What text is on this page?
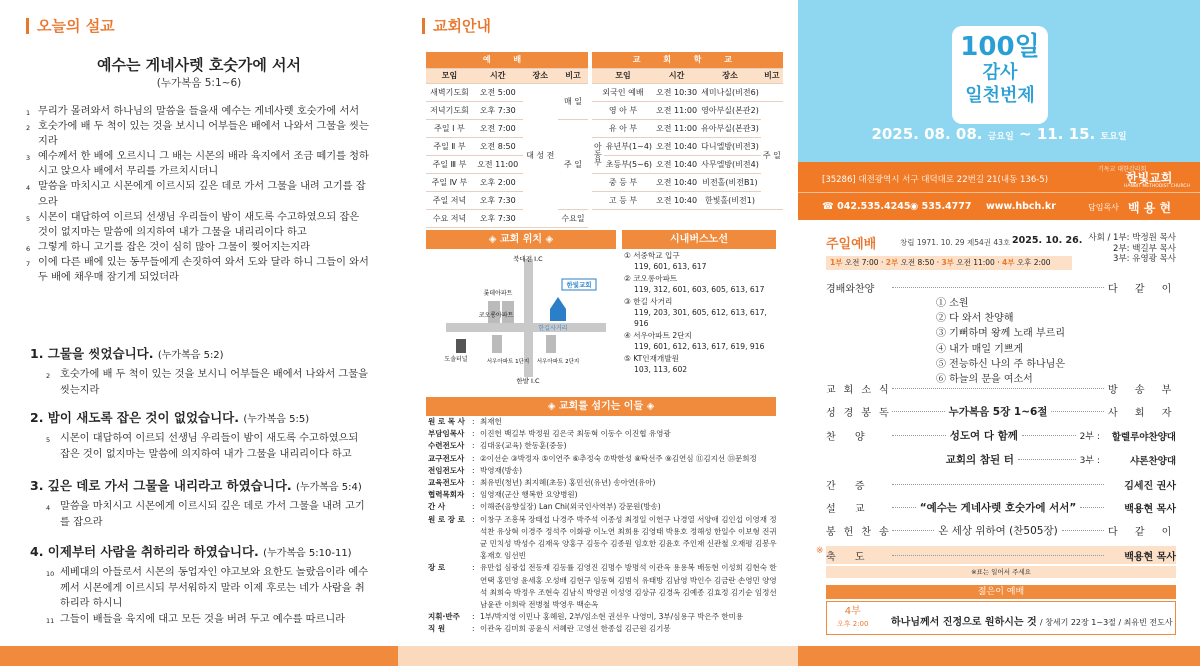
오늘의 설교
예수는 게네사렛 호숫가에 서서
(누가복음 5:1~6)
1 무리가 몰려와서 하나님의 말씀을 들을새 예수는 게네사렛 호숫가에 서서
2 호숫가에 배 두 척이 있는 것을 보시니 어부들은 배에서 나와서 그물을 씻는지라
3 예수께서 한 배에 오르시니 그 배는 시몬의 배라 육지에서 조금 떼기를 청하시고 앉으사 배에서 무리를 가르치시더니
4 말씀을 마치시고 시몬에게 이르시되 깊은 데로 가서 그물을 내려 고기를 잡으라
5 시몬이 대답하여 이르되 선생님 우리들이 밤이 새도록 수고하였으되 잡은 것이 없지마는 말씀에 의지하여 내가 그물을 내리리이다 하고
6 그렇게 하니 고기를 잡은 것이 심히 많아 그물이 찢어지는지라
7 이에 다른 배에 있는 동무들에게 손짓하여 와서 도와 달라 하니 그들이 와서 두 배에 채우매 잠기게 되었더라
1. 그물을 씻었습니다. (누가복음 5:2)
2 호숫가에 배 두 척이 있는 것을 보시니 어부들은 배에서 나와서 그물을 씻는지라
2. 밤이 새도록 잡은 것이 없었습니다. (누가복음 5:5)
5 시몬이 대답하여 이르되 선생님 우리들이 밤이 새도록 수고하였으되 잡은 것이 없지마는 말씀에 의지하여 내가 그물을 내리리이다 하고
3. 깊은 데로 가서 그물을 내리라고 하였습니다. (누가복음 5:4)
4 말씀을 마치시고 시몬에게 이르시되 깊은 데로 가서 그물을 내려 고기를 잡으라
4. 이제부터 사람을 취하리라 하였습니다. (누가복음 5:10-11)
10 세베대의 아들로서 시몬의 동업자인 야고보와 요한도 놀랐음이라 예수께서 시몬에게 이르시되 무서워하지 말라 이제 후로는 네가 사람을 취하리라 하시니
11 그들이 배들을 육지에 대고 모든 것을 버려 두고 예수를 따르니라
교회안내
예 배			
모임	시간	장소	비고
새벽기도회	오전 5:00	대 성 전	매 일
저녁기도회	오후 7:30		
주일 Ⅰ 부	오전 7:00		주 일
주일 Ⅱ 부	오전 8:50		
주일 Ⅲ 부	오전 11:00		
주일 Ⅳ 부	오후 2:00		
주일 저녁	오후 7:30		
수요 저녁	오후 7:30		수요일
교 회 학 교				
모임		시간	장소	비고
외국인 예배		오전 10:30	세미나실(비전6)	
영 아 부		오전 11:00	영아부실(본관2)	주 일
유 아 부		오전 11:00	유아부실(본관3)	
아 동 부	유년부(1~4)	오전 10:40	다니엘방(비전3)	
	초등부(5~6)	오전 10:40	사무엘방(비전4)	
중 등 부		오전 10:40	비전홀(비전B1)	
고 등 부		오전 10:40	한빛홀(비전1)	
◈ 교회 위치 ◈	시내버스노선
북대전 I.C
롯데아파트
코오롱아파트
한빛교회
한길사거리
도솔터널	서우아파트 1단지 서우아파트 2단지
한밭 I.C
① 서중학교 입구
119, 601, 613, 617
② 코오롱아파트
119, 312, 601, 603, 605, 613, 617
③ 한길 사거리
119, 203, 301, 605, 612, 613, 617, 916
④ 서우아파트 2단지
119, 601, 612, 613, 617, 619, 916
⑤ KT인재개발원
103, 113, 602
◈ 교회를 섬기는 이들 ◈
원 로 목 사 : 최재헌
부담임목사	: 이진헌 백길부 박정원 김은국 최동혁 이동수 이진협 유영광
수련전도사	: 김대웅(교육) 한동훈(중등)
교구전도사	: ②이선순 ③박정자 ⑤이연주 ⑥추정숙 ⑦박한성 ⑧탁선주 ⑨김연심 ⑪김지선 ⑬문희정
전임전도사	: 박영재(방송)
교육전도사	: 최유빈(청년) 최지혜(초등) 홍민선(유년) 송아연(유아)
협력목회자	: 임영재(군산 행복한 요양병원)
간 사	: 이해준(음향실장) Lan Chi(외국인사역부) 강문원(방송)
원 로 장 로 : 이창구 조흥복 장태섭 나경주 박주석 이종성 최정일 이헌구 나경열 서양애 김인섭 이영재 정석찬 유상혁 이경주 정석주 이화광 이노연 최희용 김영태 박용호 정해성 한일수 이보형 진귀균 민치성 박성수 김재욱 양홍구 김동수 김종원 임호한 김윤호 주인재 신관철 오재평 김봉우 홍재호 임선빈
장 로	: 유만섭 심광섭 전동재 김동률 김영진 김명수 방명석 이관옥 용용복 배동현 이성희 김현숙 한연택 홍민영 윤세홍 오성배 김현구 임동혁 김범식 유태방 김남영 박인수 김금란 손영민 양영석 최희숙 박정우 조현숙 김남식 박영권 이성영 김상규 김경옥 김예종 김효정 김기순 임정선 남윤관 이희락 전병철 박영우 백순옥
지휘·반주	: 1부/박지영 이민나 홍혜원, 2부/임소현 권선우 나영미, 3부/심용구 박은주 한미용
직 원	: 이관옥 김미희 공윤식 서혜란 고영선 한종섭 김근원 김기봉
100일
감사
일천번제
2025. 08. 08. 금요일 ~ 11. 15. 토요일
[35286] 대전광역시 서구 대덕대로 22번길 21(내동 136-5)
기독교 대한감리회
한빛교회
HANBIT METHODIST CHURCH
☎ 042.535.4245 ◉ 535.4777 www.hbch.kr	담임목사 백 용 현
주일예배	창립 1971. 10. 29 제54권 43호 2025. 10. 26. 사회 / 1부: 박정원 목사
2부: 백길부 목사
3부: 유영광 목사
1부 오전 7:00 · 2부 오전 8:50 · 3부 오전 11:00 · 4부 오후 2:00
경배와찬양	다 같 이
① 소원
② 다 와서 찬양해
③ 기뻐하며 왕께 노래 부르리
④ 내가 매일 기쁘게
⑤ 전능하신 나의 주 하나님은
⑥ 하늘의 문을 여소서
교회소식	방 송 부
성경봉독	누가복음 5장 1~6절	사 회 자
찬 양	성도여 다 함께	2부 :	할렐루야찬양대
교회의 참된 터	3부 :	샤론찬양대
간 증	김세진 권사
설 교	“예수는 게네사렛 호숫가에 서서”	백용현 목사
봉헌찬송	온 세상 위하여 (찬505장)	다 같 이
축 도	백용현 목사
※
※표는 일어서 주세요
젊은이 예배
4부
오후 2:00 하나님께서 진정으로 원하시는 것 / 창세기 22장 1~3절 / 최유빈 전도사
